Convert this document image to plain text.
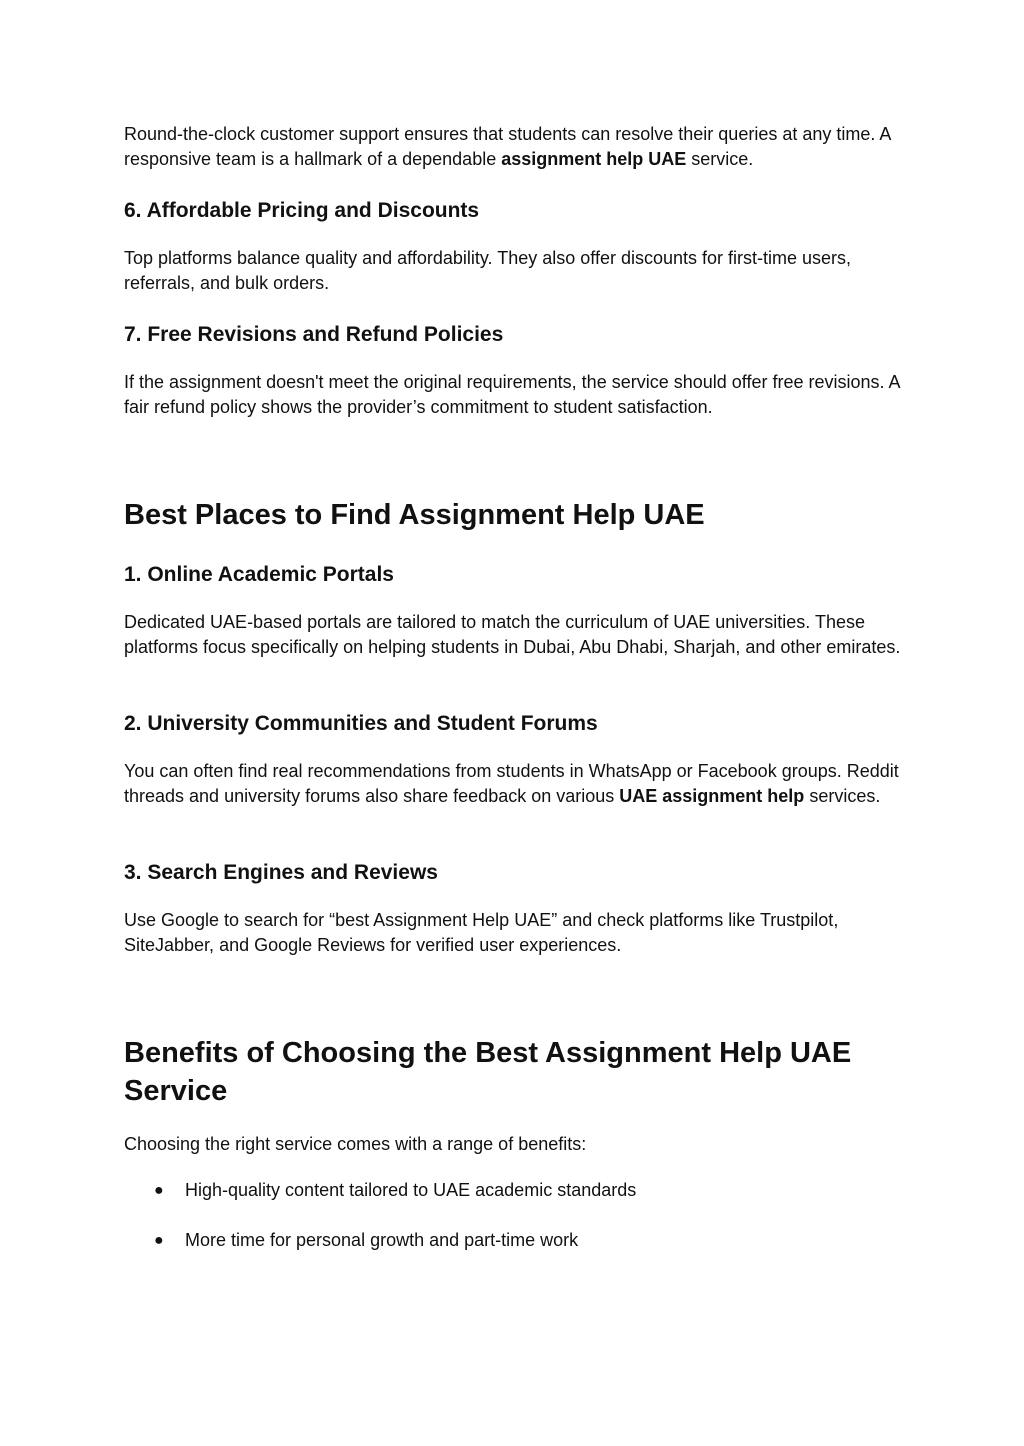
Round-the-clock customer support ensures that students can resolve their queries at any time. A responsive team is a hallmark of a dependable assignment help UAE service.

6. Affordable Pricing and Discounts

Top platforms balance quality and affordability. They also offer discounts for first-time users, referrals, and bulk orders.

7. Free Revisions and Refund Policies

If the assignment doesn't meet the original requirements, the service should offer free revisions. A fair refund policy shows the provider’s commitment to student satisfaction.

Best Places to Find Assignment Help UAE
1. Online Academic Portals

Dedicated UAE-based portals are tailored to match the curriculum of UAE universities. These platforms focus specifically on helping students in Dubai, Abu Dhabi, Sharjah, and other emirates.

2. University Communities and Student Forums

You can often find real recommendations from students in WhatsApp or Facebook groups. Reddit threads and university forums also share feedback on various UAE assignment help services.

3. Search Engines and Reviews

Use Google to search for “best Assignment Help UAE” and check platforms like Trustpilot, SiteJabber, and Google Reviews for verified user experiences.

Benefits of Choosing the Best Assignment Help UAE Service

Choosing the right service comes with a range of benefits:

● High-quality content tailored to UAE academic standards
● More time for personal growth and part-time work
